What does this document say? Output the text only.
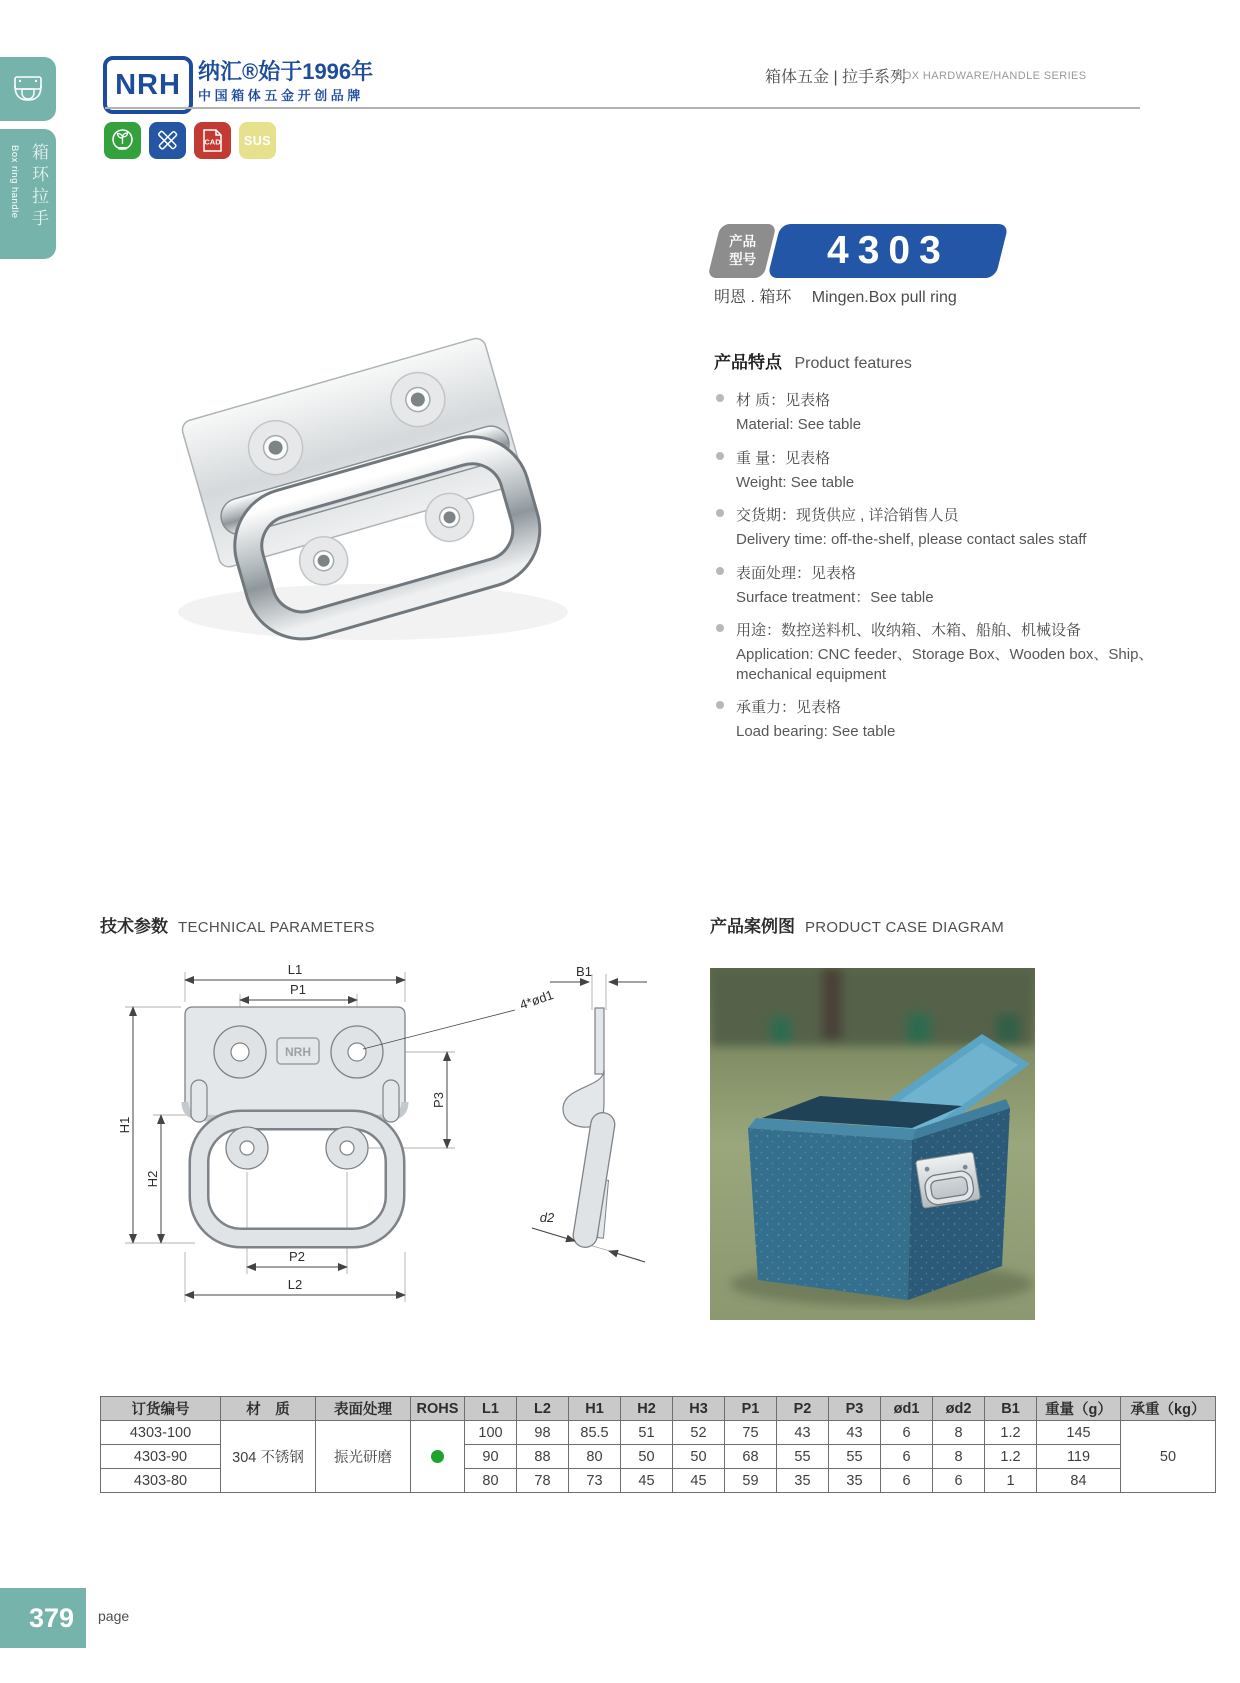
Box ring handle 箱环拉手
NRH 纳汇®始于1996年
中国箱体五金开创品牌
箱体五金 | 拉手系列
BOX HARDWARE/HANDLE SERIES
CAD SUS
产品
型号 4303
明恩 . 箱环 Mingen.Box pull ring
产品特点 Product features
材 质：见表格
Material: See table
重 量：见表格
Weight: See table
交货期：现货供应 , 详洽销售人员
Delivery time: off-the-shelf, please contact sales staff
表面处理：见表格
Surface treatment：See table
用途：数控送料机、收纳箱、木箱、船舶、机械设备
Application: CNC feeder、Storage Box、Wooden box、Ship、mechanical equipment
承重力：见表格
Load bearing: See table
技术参数 TECHNICAL PARAMETERS	产品案例图 PRODUCT CASE DIAGRAM
NRH
L1
P1
H1
H2
P2
L2
P3
B1
d2
4*ød1
订货编号	材　质	表面处理	ROHS	L1	L2	H1	H2	H3	P1	P2	P3	ød1	ød2	B1	重量（g）	承重（kg）
4303-100	304 不锈钢	振光研磨		100	98	85.5	51	52	75	43	43	6	8	1.2	145	50
4303-90				90	88	80	50	50	68	55	55	6	8	1.2	119	
4303-80				80	78	73	45	45	59	35	35	6	6	1	84	
379 page
